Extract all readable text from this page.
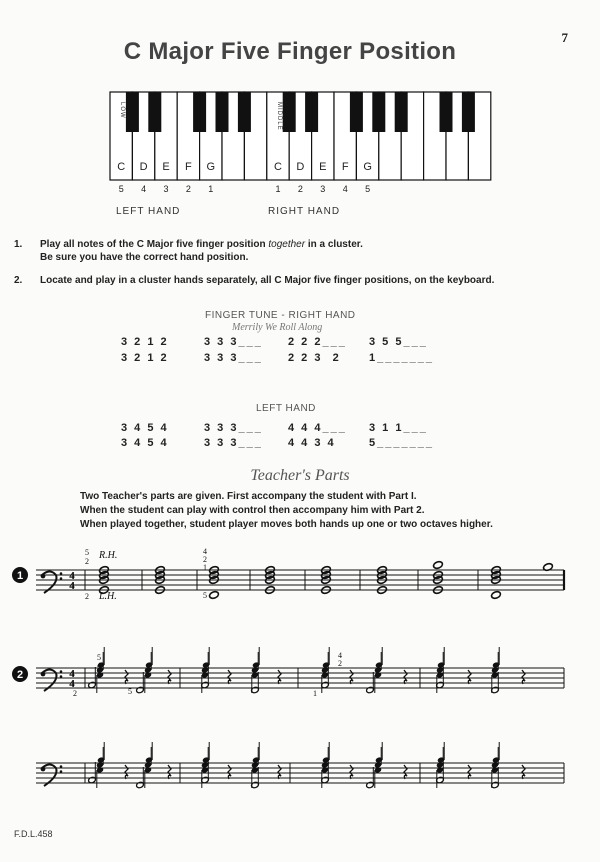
7
C Major Five Finger Position
C D E F G	C D E F G
LOW	MIDDLE
5 4 3 2 1	1 2 3 4 5
LEFT HAND	RIGHT HAND
1. Play all notes of the C Major five finger position together in a cluster.
Be sure you have the correct hand position.
2. Locate and play in a cluster hands separately, all C Major five finger positions, on the keyboard.
FINGER TUNE - RIGHT HAND
Merrily We Roll Along
3 2 1 2	3 3 3___ 2 2 2___ 3 5 5___
3 2 1 2	3 3 3___ 2 2 3  2	1_______
LEFT HAND
3 4 5 4	3 3 3___ 4 4 4___ 3 1 1___
3 4 5 4	3 3 3___ 4 4 3 4	5_______
Teacher's Parts
Two Teacher's parts are given. First accompany the student with Part I.
When the student can play with control then accompany him with Part 2.
When played together, student player moves both hands up one or two octaves higher.
4
4
4
4
1
2
R.H.
L.H.
5
2
2
4
2
1
5
5
4
2	5
4
2
1
F.D.L.458
